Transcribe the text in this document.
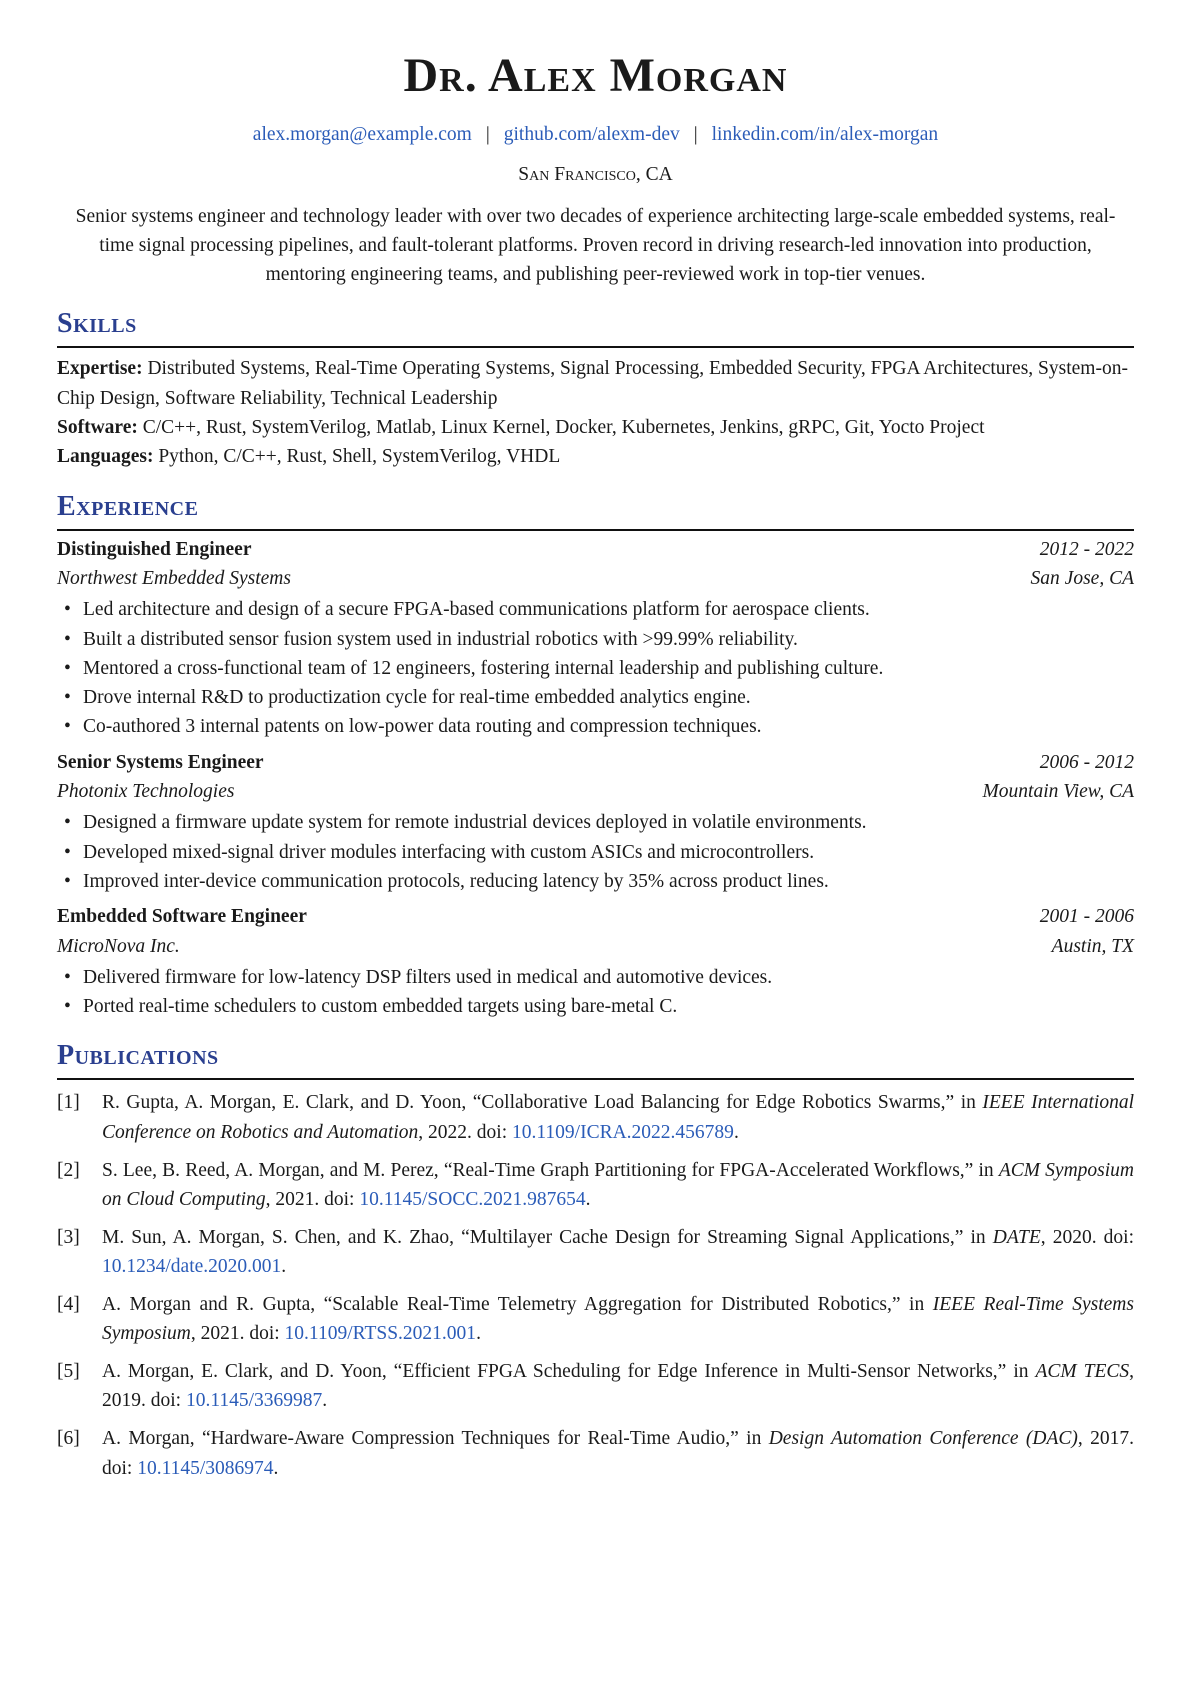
Dr. Alex Morgan
alex.morgan@example.com | github.com/alexm-dev | linkedin.com/in/alex-morgan
San Francisco, CA
Senior systems engineer and technology leader with over two decades of experience architecting large-scale embedded systems, real-time signal processing pipelines, and fault-tolerant platforms. Proven record in driving research-led innovation into production, mentoring engineering teams, and publishing peer-reviewed work in top-tier venues.
Skills
Expertise: Distributed Systems, Real-Time Operating Systems, Signal Processing, Embedded Security, FPGA Architectures, System-on-Chip Design, Software Reliability, Technical Leadership
Software: C/C++, Rust, SystemVerilog, Matlab, Linux Kernel, Docker, Kubernetes, Jenkins, gRPC, Git, Yocto Project
Languages: Python, C/C++, Rust, Shell, SystemVerilog, VHDL
Experience
Distinguished Engineer	2012 - 2022
Northwest Embedded Systems	San Jose, CA
• Led architecture and design of a secure FPGA-based communications platform for aerospace clients.
• Built a distributed sensor fusion system used in industrial robotics with >99.99% reliability.
• Mentored a cross-functional team of 12 engineers, fostering internal leadership and publishing culture.
• Drove internal R&D to productization cycle for real-time embedded analytics engine.
• Co-authored 3 internal patents on low-power data routing and compression techniques.
Senior Systems Engineer	2006 - 2012
Photonix Technologies	Mountain View, CA
• Designed a firmware update system for remote industrial devices deployed in volatile environments.
• Developed mixed-signal driver modules interfacing with custom ASICs and microcontrollers.
• Improved inter-device communication protocols, reducing latency by 35% across product lines.
Embedded Software Engineer	2001 - 2006
MicroNova Inc.	Austin, TX
• Delivered firmware for low-latency DSP filters used in medical and automotive devices.
• Ported real-time schedulers to custom embedded targets using bare-metal C.
Publications
[1]	R. Gupta, A. Morgan, E. Clark, and D. Yoon, “Collaborative Load Balancing for Edge Robotics Swarms,” in IEEE International Conference on Robotics and Automation, 2022. doi: 10.1109/ICRA.2022.456789.
[2]	S. Lee, B. Reed, A. Morgan, and M. Perez, “Real-Time Graph Partitioning for FPGA-Accelerated Workflows,” in ACM Symposium on Cloud Computing, 2021. doi: 10.1145/SOCC.2021.987654.
[3]	M. Sun, A. Morgan, S. Chen, and K. Zhao, “Multilayer Cache Design for Streaming Signal Applications,” in DATE, 2020. doi: 10.1234/date.2020.001.
[4]	A. Morgan and R. Gupta, “Scalable Real-Time Telemetry Aggregation for Distributed Robotics,” in IEEE Real-Time Systems Symposium, 2021. doi: 10.1109/RTSS.2021.001.
[5]	A. Morgan, E. Clark, and D. Yoon, “Efficient FPGA Scheduling for Edge Inference in Multi-Sensor Networks,” in ACM TECS, 2019. doi: 10.1145/3369987.
[6]	A. Morgan, “Hardware-Aware Compression Techniques for Real-Time Audio,” in Design Automation Conference (DAC), 2017. doi: 10.1145/3086974.
